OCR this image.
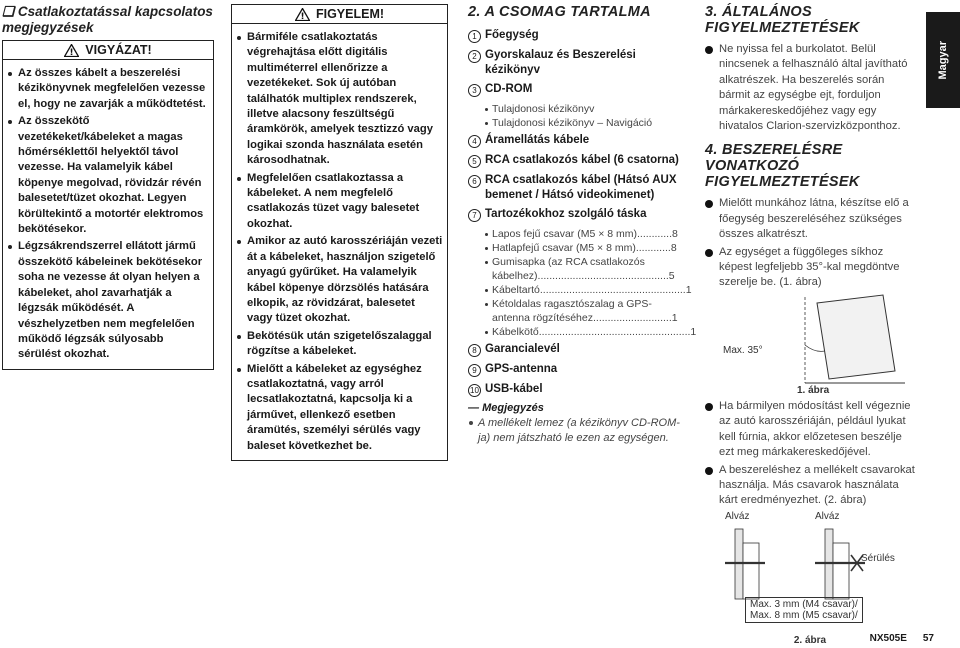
❑ Csatlakoztatással kapcsolatos megjegyzések
! VIGYÁZAT!
Az összes kábelt a beszerelési kézikönyvnek megfelelően vezesse el, hogy ne zavarják a működtetést.
Az összekötő vezetékeket/kábeleket a magas hőmérséklettől helyektől távol vezesse. Ha valamelyik kábel köpenye megolvad, rövidzár révén balesetet/tüzet okozhat. Legyen körültekintő a motortér elektromos bekötésekor.
Légzsákrendszerrel ellátott jármű összekötő kábeleinek bekötésekor soha ne vezesse át olyan helyen a kábeleket, ahol zavarhatják a légzsák működését. A vészhelyzetben nem megfelelően működő légzsák súlyosabb sérülést okozhat.
! FIGYELEM!
Bármiféle csatlakoztatás végrehajtása előtt digitális multiméterrel ellenőrizze a vezetékeket. Sok új autóban találhatók multiplex rendszerek, illetve alacsony feszültségű áramkörök, amelyek tesztizzó vagy logikai szonda használata esetén károsodhatnak.
Megfelelően csatlakoztassa a kábeleket. A nem megfelelő csatlakozás tüzet vagy balesetet okozhat.
Amikor az autó karosszériáján vezeti át a kábeleket, használjon szigetelő anyagú gyűrűket. Ha valamelyik kábel köpenye dörzsölés hatására elkopik, az rövidzárat, balesetet vagy tüzet okozhat.
Bekötésük után szigetelőszalaggal rögzítse a kábeleket.
Mielőtt a kábeleket az egységhez csatlakoztatná, vagy arról lecsatlakoztatná, kapcsolja ki a járművet, ellenkező esetben áramütés, személyi sérülés vagy baleset következhet be.
2. A CSOMAG TARTALMA
1 Főegység
2 Gyorskalauz és Beszerelési kézikönyv
3 CD-ROM
Tulajdonosi kézikönyv
Tulajdonosi kézikönyv – Navigáció
4 Áramellátás kábele
5 RCA csatlakozós kábel (6 csatorna)
6 RCA csatlakozós kábel (Hátsó AUX bemenet / Hátsó videokimenet)
7 Tartozékokhoz szolgáló táska
Lapos fejű csavar (M5 × 8 mm)............8
Hatlapfejű csavar (M5 × 8 mm)............8
Gumisapka (az RCA csatlakozós kábelhez).............................................5
Kábeltartó..................................................1
Kétoldalas ragasztószalag a GPS-antenna rögzítéséhez...........................1
Kábelkötő....................................................1
8 Garancialevél
9 GPS-antenna
10 USB-kábel
— Megjegyzés
A mellékelt lemez (a kézikönyv CD-ROM-ja) nem játszható le ezen az egységen.
3. ÁLTALÁNOS FIGYELMEZTETÉSEK
Ne nyissa fel a burkolatot. Belül nincsenek a felhasználó által javítható alkatrészek. Ha beszerelés során bármit az egységbe ejt, forduljon márkakereskedőjéhez vagy egy hivatalos Clarion-szervizközponthoz.
4. BESZERELÉSRE VONATKOZÓ FIGYELMEZTETÉSEK
Mielőtt munkához látna, készítse elő a főegység beszereléséhez szükséges összes alkatrészt.
Az egységet a függőleges síkhoz képest legfeljebb 35°-kal megdöntve szerelje be. (1. ábra)
Max. 35°
1. ábra
Ha bármilyen módosítást kell végeznie az autó karosszériáján, például lyukat kell fúrnia, akkor előzetesen beszélje ezt meg márkakereskedőjével.
A beszereléshez a mellékelt csavarokat használja. Más csavarok használata kárt eredményezhet. (2. ábra)
Alváz	Alváz
Sérülés
Max. 3 mm (M4 csavar)/
Max. 8 mm (M5 csavar)/
2. ábra
Magyar
NX505E 57
